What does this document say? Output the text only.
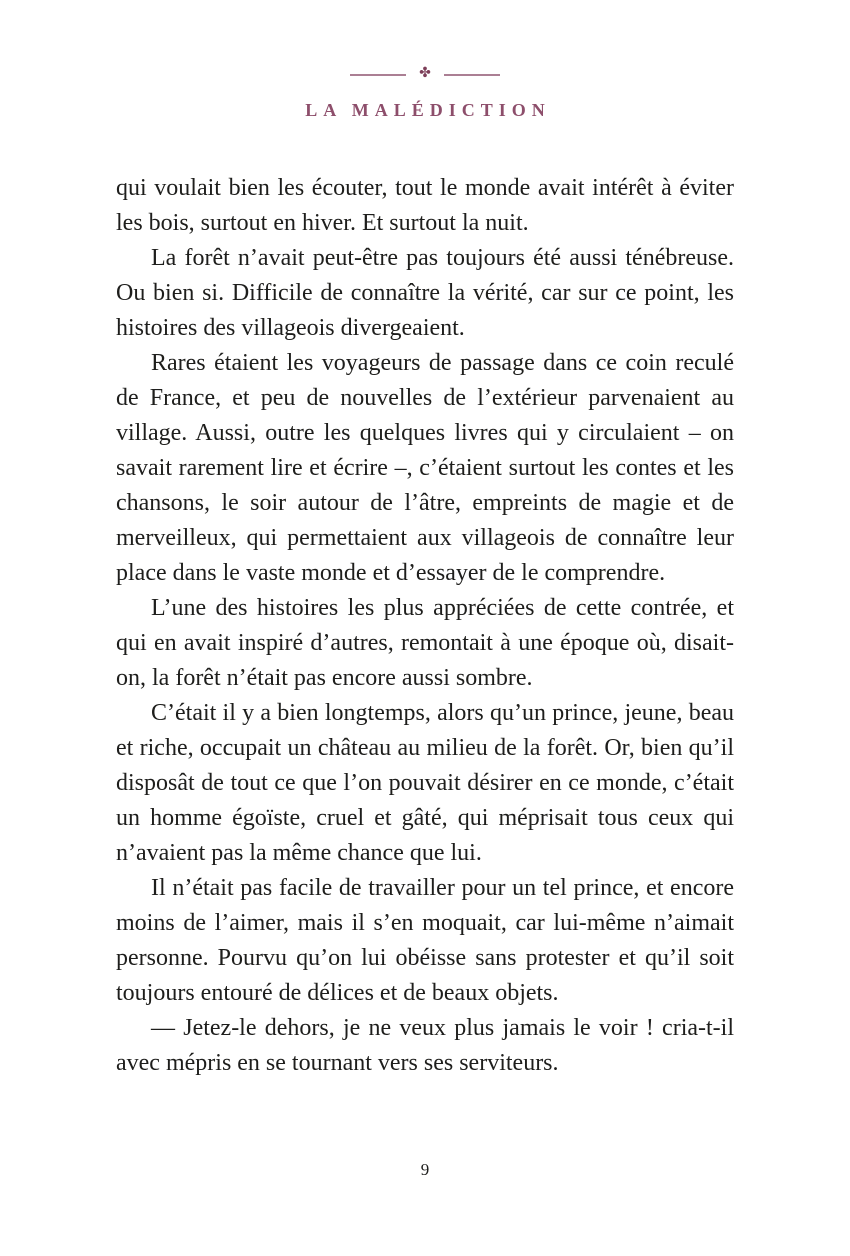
✤
LA MALÉDICTION

qui voulait bien les écouter, tout le monde avait intérêt à éviter les bois, surtout en hiver. Et surtout la nuit.

La forêt n’avait peut-être pas toujours été aussi ténébreuse. Ou bien si. Difficile de connaître la vérité, car sur ce point, les histoires des villageois divergeaient.

Rares étaient les voyageurs de passage dans ce coin reculé de France, et peu de nouvelles de l’extérieur parvenaient au village. Aussi, outre les quelques livres qui y circulaient – on savait rarement lire et écrire –, c’étaient surtout les contes et les chansons, le soir autour de l’âtre, empreints de magie et de merveilleux, qui permettaient aux villageois de connaître leur place dans le vaste monde et d’essayer de le comprendre.

L’une des histoires les plus appréciées de cette contrée, et qui en avait inspiré d’autres, remontait à une époque où, disait-on, la forêt n’était pas encore aussi sombre.

C’était il y a bien longtemps, alors qu’un prince, jeune, beau et riche, occupait un château au milieu de la forêt. Or, bien qu’il disposât de tout ce que l’on pouvait désirer en ce monde, c’était un homme égoïste, cruel et gâté, qui méprisait tous ceux qui n’avaient pas la même chance que lui.

Il n’était pas facile de travailler pour un tel prince, et encore moins de l’aimer, mais il s’en moquait, car lui-même n’aimait personne. Pourvu qu’on lui obéisse sans protester et qu’il soit toujours entouré de délices et de beaux objets.

— Jetez-le dehors, je ne veux plus jamais le voir ! cria-t-il avec mépris en se tournant vers ses serviteurs.

9
